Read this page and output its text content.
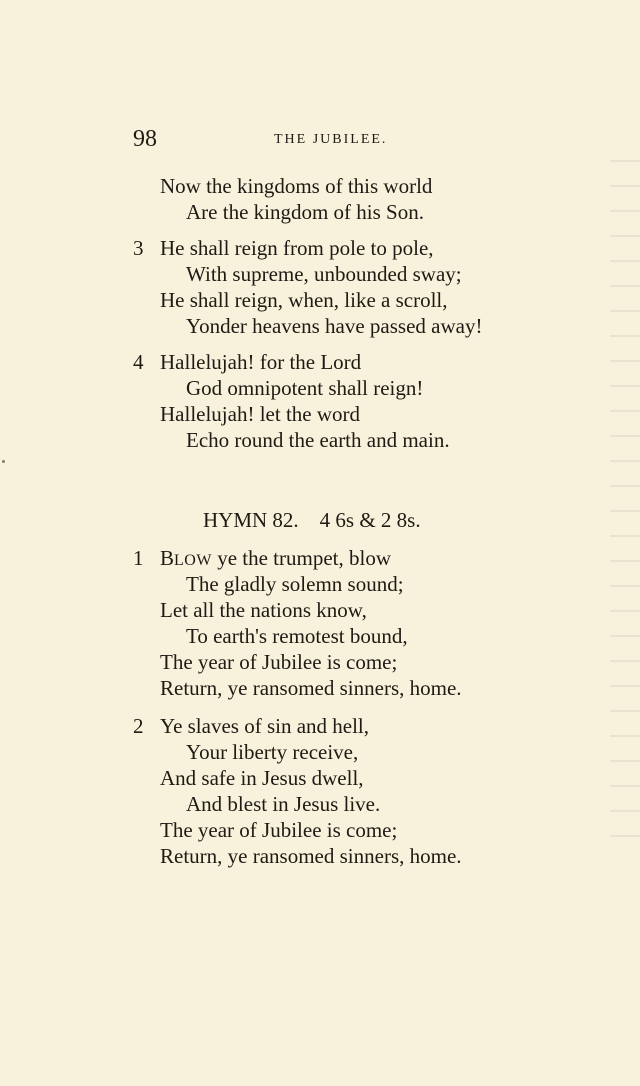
98	THE JUBILEE.
Now the kingdoms of this world
Are the kingdom of his Son.
3 He shall reign from pole to pole,
With supreme, unbounded sway;
He shall reign, when, like a scroll,
Yonder heavens have passed away!
4 Hallelujah! for the Lord
God omnipotent shall reign!
Hallelujah! let the word
Echo round the earth and main.
HYMN 82. 4 6s & 2 8s.
1 BLOW ye the trumpet, blow
The gladly solemn sound;
Let all the nations know,
To earth's remotest bound,
The year of Jubilee is come;
Return, ye ransomed sinners, home.
2 Ye slaves of sin and hell,
Your liberty receive,
And safe in Jesus dwell,
And blest in Jesus live.
The year of Jubilee is come;
Return, ye ransomed sinners, home.
